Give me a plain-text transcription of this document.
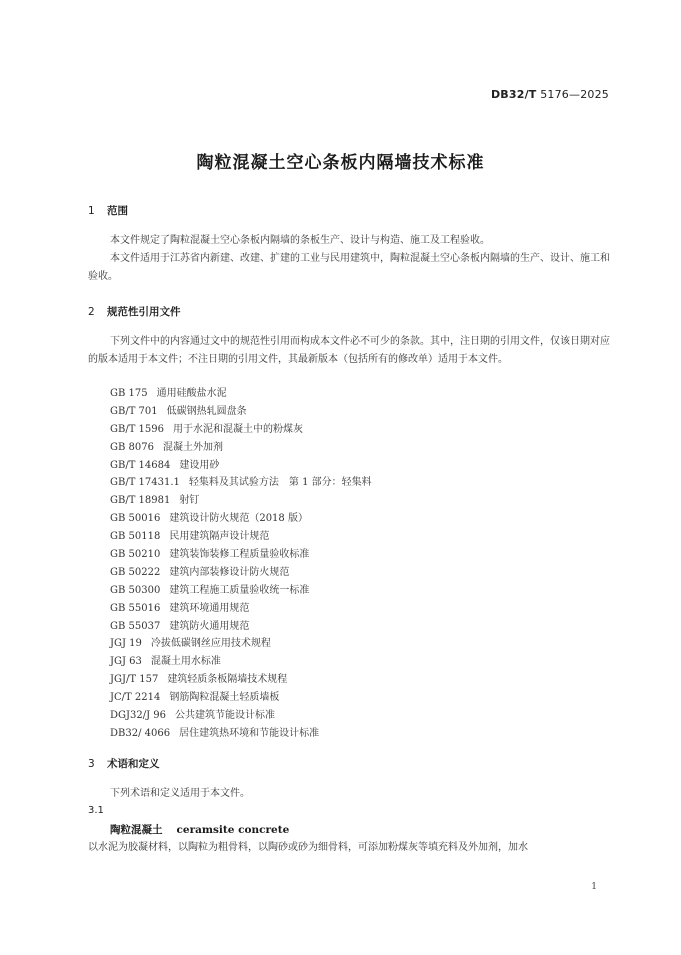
DB32/T 5176—2025
陶粒混凝土空心条板内隔墙技术标准
1 范围
本文件规定了陶粒混凝土空心条板内隔墙的条板生产、设计与构造、施工及工程验收。
本文件适用于江苏省内新建、改建、扩建的工业与民用建筑中，陶粒混凝土空心条板内隔墙的生产、设计、施工和验收。
2 规范性引用文件
下列文件中的内容通过文中的规范性引用而构成本文件必不可少的条款。其中，注日期的引用文件，仅该日期对应的版本适用于本文件；不注日期的引用文件，其最新版本（包括所有的修改单）适用于本文件。
GB 175 通用硅酸盐水泥
GB/T 701 低碳钢热轧圆盘条
GB/T 1596 用于水泥和混凝土中的粉煤灰
GB 8076 混凝土外加剂
GB/T 14684 建设用砂
GB/T 17431.1 轻集料及其试验方法　第 1 部分：轻集料
GB/T 18981 射钉
GB 50016 建筑设计防火规范（2018 版）
GB 50118 民用建筑隔声设计规范
GB 50210 建筑装饰装修工程质量验收标准
GB 50222 建筑内部装修设计防火规范
GB 50300 建筑工程施工质量验收统一标准
GB 55016 建筑环境通用规范
GB 55037 建筑防火通用规范
JGJ 19 冷拔低碳钢丝应用技术规程
JGJ 63 混凝土用水标准
JGJ/T 157 建筑轻质条板隔墙技术规程
JC/T 2214 钢筋陶粒混凝土轻质墙板
DGJ32/J 96 公共建筑节能设计标准
DB32/ 4066 居住建筑热环境和节能设计标准
3 术语和定义
下列术语和定义适用于本文件。
3.1
陶粒混凝土 ceramsite concrete
以水泥为胶凝材料，以陶粒为粗骨料，以陶砂或砂为细骨料，可添加粉煤灰等填充料及外加剂，加水
1
